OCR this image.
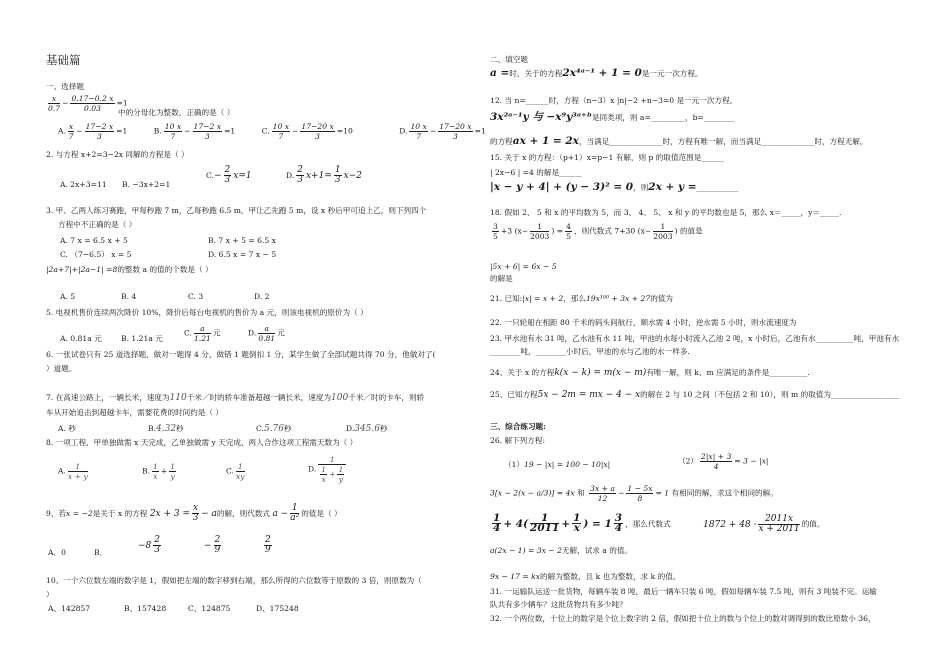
基础篇
一、选择题
$\frac{x}{0.7} - \frac{0.17-0.2 x}{0.03} =1$
中的分母化为整数，正确的是（ ）
A. $\frac{x}{7} - \frac{17-2 x}{3} =1$	B. $\frac{10 x}{7} - \frac{17-2 x}{3} =1$	C. $\frac{10 x}{7} - \frac{17-20 x}{3} =10$	D. $\frac{10 x}{7} - \frac{17-20 x}{3} =1$
2. 与方程 x+2=3−2x 同解的方程是（ ）
A. 2x+3=11 B. −3x+2=1
$C.- \frac{2}{3} x=1$	D. $\frac{2}{3} x+1= \frac{1}{3} x-2$
3. 甲、乙两人练习赛跑，甲每秒跑 7 m，乙每秒跑 6.5 m，甲让乙先跑 5 m，设 x 秒后甲可追上乙，则下列四个
方程中不正确的是（ ）
A. 7 x = 6.5 x + 5	B. 7 x + 5 = 6.5 x
C. （7−6.5） x = 5	D. 6.5 x = 7 x − 5
|2a+7|+|2a−1| =8的整数 a 的值的个数是（ ）
A. 5	B. 4	C. 3	D. 2
5. 电视机售价连续两次降价 10%，降价后每台电视机的售价为 a 元，则该电视机的原价为（ ）
A. 0.81a 元	B. 1.21a 元
C. $\frac{a}{1.21}$ 元	D. $\frac{a}{0.81}$ 元
6. 一张试卷只有 25 道选择题，做对一题得 4 分，做错 1 题倒扣 1 分，某学生做了全部试题共得 70 分，他做对了(
）道题。
7. 在高速公路上，一辆长米，速度为110千米／时的轿车准备超越一辆长米，速度为100千米／时的卡车，则轿
车从开始追击到超越卡车，需要花费的时间约是（ ）
A. 秒	B.4.32秒	C.5.76秒	D.345.6秒
8. 一项工程，甲单独做需 x 天完成，乙单独做需 y 天完成，两人合作这项工程需天数为（ ）
A. $\frac{1}{x + y}$	B. $\frac{1}{x} + \frac{1}{y}$	C. $\frac{1}{xy}$	D. $\frac{1}{\frac{1}{x} + \frac{1}{y}}$
9、若x = −2是关于 x 的方程 $2x + 3 = \frac{x}{3} - a$的解，则代数式 $a - \frac{1}{\text{a²}}$ 的值是（ ）
A．0	B．
$-8 \frac{2}{3}$	− $\frac{2}{9}$	$\frac{2}{9}$
10、一个六位数左端的数字是 1，假如把左端的数字移到右端，那么所得的六位数等于原数的 3 倍，则原数为（
）
A、142857	B、157428	C、124875	D、175248
二、填空题
a =时，关于的方程2x⁴ᵃ⁻¹ + 1 = 0是一元一次方程。
12. 当 n=______时，方程（n−3）x |n|−2 +n−3=0 是一元一次方程。
3x²ᵃ⁻¹y 与 −x⁹y³ᵃ⁺ᵇ是同类项，则 a=_________，b=________
的方程ax + 1 = 2x，当满足______________时，方程有唯一解，而当满足______________时，方程无解。
15. 关于 x 的方程：（p+1）x=p−1 有解，则 p 的取值范围是______
| 2x−6 | =4 的解是______
|x − y + 4| + (y − 3)² = 0，则2x + y =___________
18. 假如 2、 5 和 x 的平均数为 5，而 3、 4、 5、 x 和 y 的平均数也是 5，那么 x＝_____，y＝_____.
$\frac{3}{5} +3$ ($x- \frac{1}{2003}$ ) = $\frac{4}{5}$ ，则代数式 7+30 ($x- \frac{1}{2003}$ ) 的值是
|5x + 6| = 6x − 5
的解是
21. 已知:|x| = x + 2，那么19x¹⁰⁰ + 3x + 27的值为
22. 一只轮船在相距 80 千米的码头间航行，顺水需 4 小时，逆水需 5 小时，则水流速度为
23. 甲水池有水 31 吨，乙水池有水 11 吨，甲池的水每小时流入乙池 2 吨，x 小时后，乙池有水__________吨，甲池有水
________吨，________小时后，甲池的水与乙池的水一样多.
24、关于 x 的方程k(x − k) = m(x − m)有唯一解，则 k、m 应满足的条件是__________.
25、已知方程5x − 2m = mx − 4 − x的解在 2 与 10 之间（不包括 2 和 10），则 m 的取值为__________________
三、综合练习题:
26. 解下列方程:
（1）19 − |x| = 100 − 10|x|	$(2) \frac{2|x| + 3}{4} = 3 - |x|$
3[x − 2(x − a/3)] = 4x 和 $\frac{3x + a}{12} - \frac{1 - 5x}{8} = 1$ 有相同的解，求这个相同的解。
$\frac{1}{4} + 4( \frac{1}{2011} + \frac{1}{x}$ ) = $1 \frac{3}{4}$ ，那么代数式	$1872 + 48 \cdot \frac{2011x}{x + 2011}$ 的值。
a(2x − 1) = 3x − 2无解，试求 a 的值。
9x − 17 = kx的解为整数，且 k 也为整数，求 k 的值。
31. 一运输队运送一批货物，每辆车装 8 吨，最后一辆车只装 6 吨，假如每辆车装 7.5 吨，则有 3 吨装不完。运输
队共有多少辆车？这批货物共有多少吨？
32. 一个两位数，十位上的数字是个位上数字的 2 倍，假如把十位上的数与个位上的数对调得到的数比原数小 36，
